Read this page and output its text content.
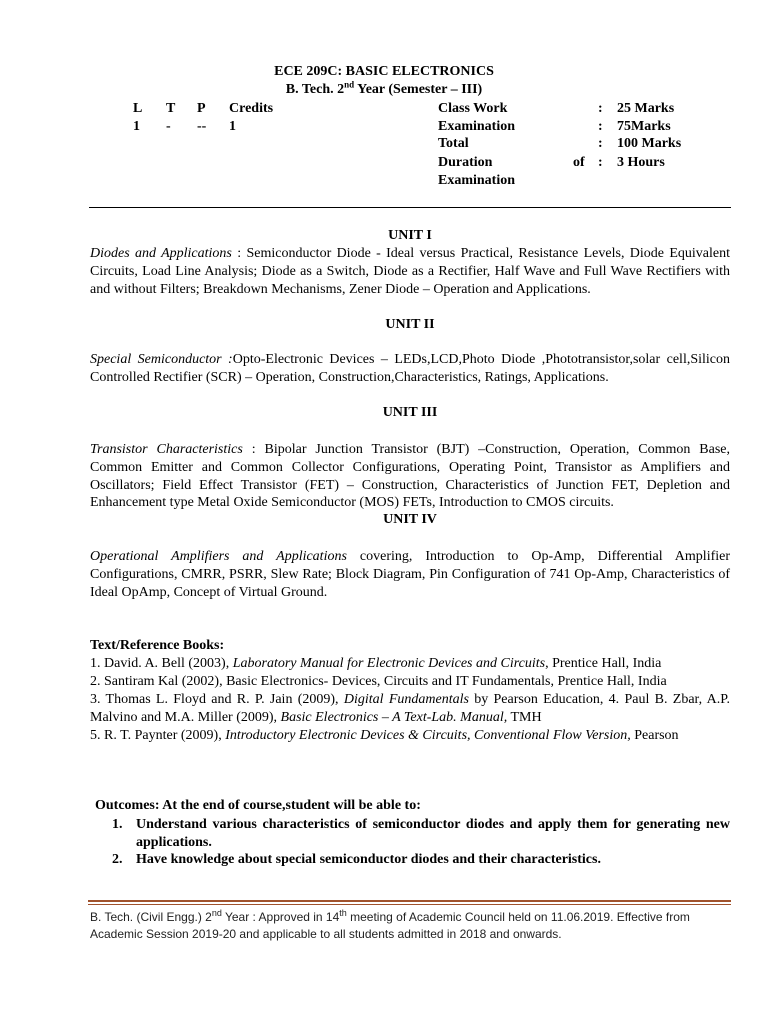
ECE 209C: BASIC ELECTRONICS
B. Tech. 2nd Year (Semester – III)
L T P Credits
1 - -- 1
Class Work	: 25 Marks
Examination	: 75Marks
Total	: 100 Marks
Duration	of : 3 Hours
Examination
UNIT I
Diodes and Applications : Semiconductor Diode - Ideal versus Practical, Resistance Levels, Diode Equivalent Circuits, Load Line Analysis; Diode as a Switch, Diode as a Rectifier, Half Wave and Full Wave Rectifiers with and without Filters; Breakdown Mechanisms, Zener Diode – Operation and Applications.
UNIT II
Special Semiconductor :Opto-Electronic Devices – LEDs,LCD,Photo Diode ,Phototransistor,solar cell,Silicon Controlled Rectifier (SCR) – Operation, Construction,Characteristics, Ratings, Applications.
UNIT III
Transistor Characteristics : Bipolar Junction Transistor (BJT) –Construction, Operation, Common Base, Common Emitter and Common Collector Configurations, Operating Point, Transistor as Amplifiers and Oscillators; Field Effect Transistor (FET) – Construction, Characteristics of Junction FET, Depletion and Enhancement type Metal Oxide Semiconductor (MOS) FETs, Introduction to CMOS circuits.
UNIT IV
Operational Amplifiers and Applications covering, Introduction to Op-Amp, Differential Amplifier Configurations, CMRR, PSRR, Slew Rate; Block Diagram, Pin Configuration of 741 Op-Amp, Characteristics of Ideal OpAmp, Concept of Virtual Ground.
Text/Reference Books:
1. David. A. Bell (2003), Laboratory Manual for Electronic Devices and Circuits, Prentice Hall, India
2. Santiram Kal (2002), Basic Electronics- Devices, Circuits and IT Fundamentals, Prentice Hall, India
3. Thomas L. Floyd and R. P. Jain (2009), Digital Fundamentals by Pearson Education, 4. Paul B. Zbar, A.P. Malvino and M.A. Miller (2009), Basic Electronics – A Text-Lab. Manual, TMH
5. R. T. Paynter (2009), Introductory Electronic Devices & Circuits, Conventional Flow Version, Pearson
Outcomes: At the end of course,student will be able to:
1. Understand various characteristics of semiconductor diodes and apply them for generating new applications.
2. Have knowledge about special semiconductor diodes and their characteristics.
B. Tech. (Civil Engg.) 2nd Year : Approved in 14th meeting of Academic Council held on 11.06.2019. Effective from Academic Session 2019-20 and applicable to all students admitted in 2018 and onwards.
